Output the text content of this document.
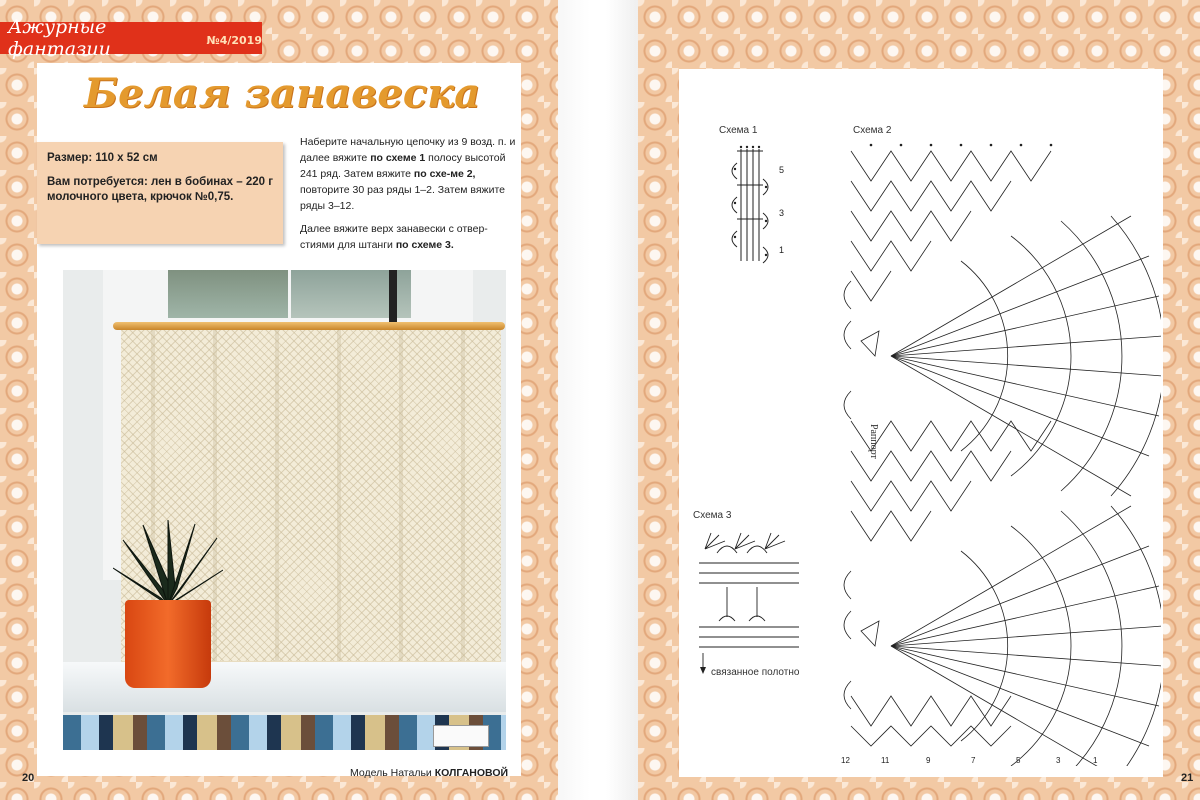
Ажурные фантазии	№4/2019
Белая занавеска
Размер: 110 х 52 см
Вам потребуется: лен в бобинах – 220 г молочного цвета, крючок №0,75.

Наберите начальную цепочку из 9 возд. п. и далее вяжите по схеме 1 полосу высотой 241 ряд. Затем вяжите по схе-ме 2, повторите 30 раз ряды 1–2. Затем вяжите ряды 3–12.

Далее вяжите верх занавески с отвер-стиями для штанги по схеме 3.

20	Модель Натальи КОЛГАНОВОЙ
Схема 1
5
3
1
Схема 2
12	11	9	7	5	3	1
Раппорт
Схема 3
связанное полотно
21
